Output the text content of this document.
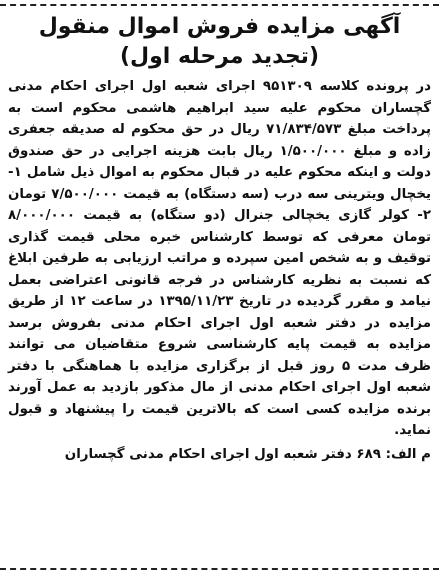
آگهی مزایده فروش اموال منقول (تجدید مرحله اول)

در پرونده کلاسه ۹۵۱۳۰۹ اجرای شعبه اول اجرای احکام مدنی گچساران محکوم علیه سید ابراهیم هاشمی محکوم است به پرداخت مبلغ ۷۱/۸۳۴/۵۷۳ ریال در حق محکوم له صدیقه جعفری زاده و مبلغ ۱/۵۰۰/۰۰۰ ریال بابت هزینه اجرایی در حق صندوق دولت و اینکه محکوم علیه در قبال محکوم به اموال ذیل شامل ۱- یخچال ویترینی سه درب (سه دستگاه) به قیمت ۷/۵۰۰/۰۰۰ تومان ۲- کولر گازی یخچالی جنرال (دو ستگاه) به قیمت ۸/۰۰۰/۰۰۰ تومان معرفی که توسط کارشناس خبره محلی قیمت گذاری توقیف و به شخص امین سپرده و مراتب ارزیابی به طرفین ابلاغ که نسبت به نظریه کارشناس در فرجه قانونی اعتراضی بعمل نیامد و مقرر گردیده در تاریخ ۱۳۹۵/۱۱/۲۳ در ساعت ۱۲ از طریق مزایده در دفتر شعبه اول اجرای احکام مدنی بفروش برسد مزایده به قیمت پایه کارشناسی شروع متقاضیان می توانند ظرف مدت ۵ روز قبل از برگزاری مزایده با هماهنگی با دفتر شعبه اول اجرای احکام مدنی از مال مذکور بازدید به عمل آورند برنده مزایده کسی است که بالاترین قیمت را پیشنهاد و قبول نماید.

م الف: ۶۸۹ دفتر شعبه اول اجرای احکام مدنی گچساران
